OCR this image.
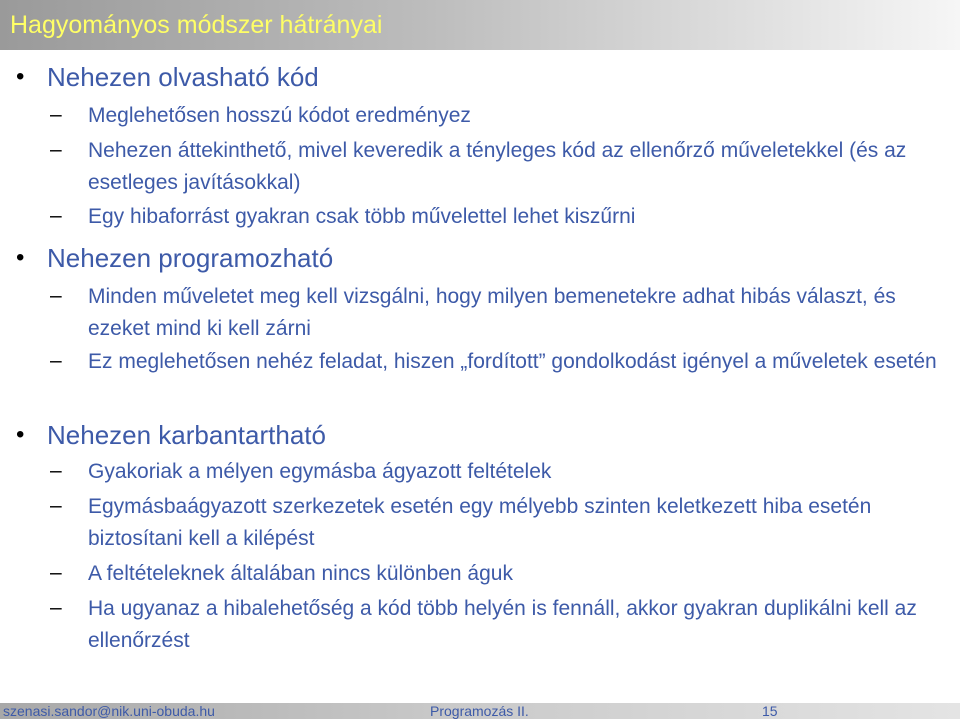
Hagyományos módszer hátrányai
• Nehezen olvasható kód
–	Meglehetősen hosszú kódot eredményez
–	Nehezen áttekinthető, mivel keveredik a tényleges kód az ellenőrző műveletekkel (és az esetleges javításokkal)
–	Egy hibaforrást gyakran csak több művelettel lehet kiszűrni
• Nehezen programozható
–	Minden műveletet meg kell vizsgálni, hogy milyen bemenetekre adhat hibás választ, és ezeket mind ki kell zárni
–	Ez meglehetősen nehéz feladat, hiszen „fordított” gondolkodást igényel a műveletek esetén
• Nehezen karbantartható
–	Gyakoriak a mélyen egymásba ágyazott feltételek
–	Egymásbaágyazott szerkezetek esetén egy mélyebb szinten keletkezett hiba esetén biztosítani kell a kilépést
–	A feltételeknek általában nincs különben águk
–	Ha ugyanaz a hibalehetőség a kód több helyén is fennáll, akkor gyakran duplikálni kell az ellenőrzést
szenasi.sandor@nik.uni-obuda.hu	Programozás II.	15
